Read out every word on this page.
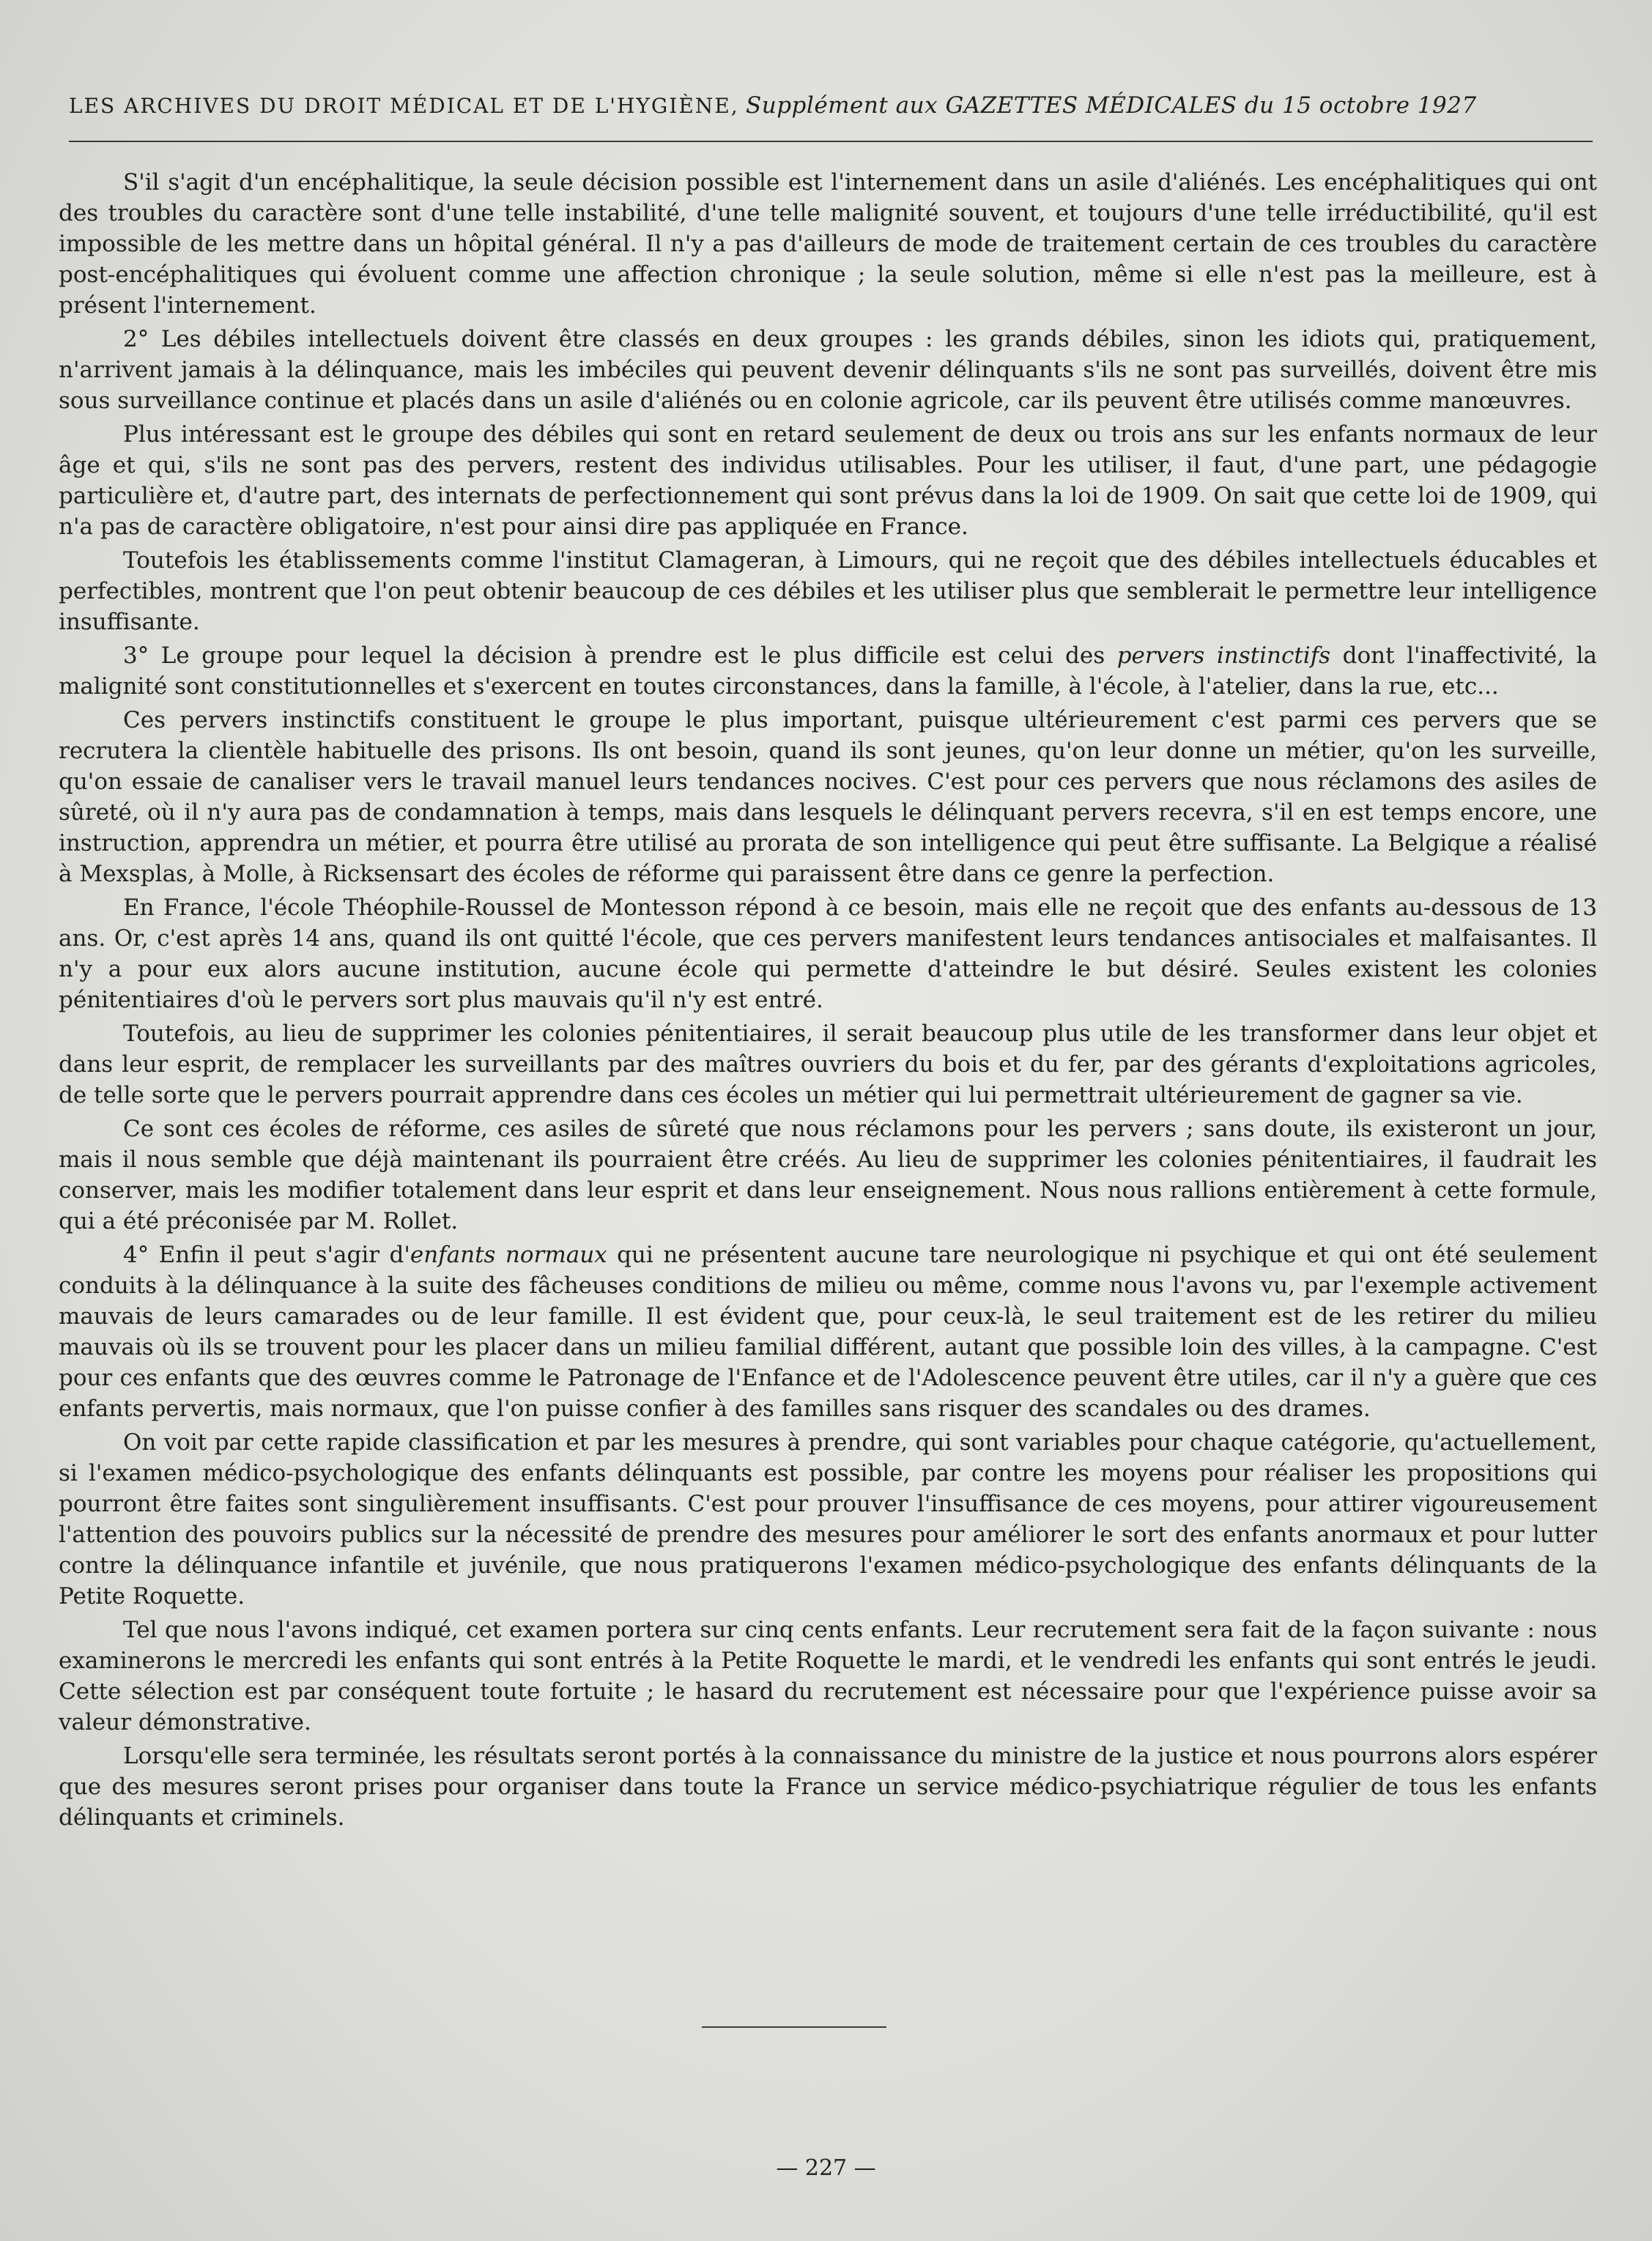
LES ARCHIVES DU DROIT MÉDICAL ET DE L'HYGIÈNE, Supplément aux GAZETTES MÉDICALES du 15 octobre 1927

S'il s'agit d'un encéphalitique, la seule décision possible est l'internement dans un asile d'aliénés. Les encéphalitiques qui ont des troubles du caractère sont d'une telle instabilité, d'une telle malignité souvent, et toujours d'une telle irréductibilité, qu'il est impossible de les mettre dans un hôpital général. Il n'y a pas d'ailleurs de mode de traitement certain de ces troubles du caractère post-encéphalitiques qui évoluent comme une affection chronique ; la seule solution, même si elle n'est pas la meilleure, est à présent l'internement.

2° Les débiles intellectuels doivent être classés en deux groupes : les grands débiles, sinon les idiots qui, pratiquement, n'arrivent jamais à la délinquance, mais les imbéciles qui peuvent devenir délinquants s'ils ne sont pas surveillés, doivent être mis sous surveillance continue et placés dans un asile d'aliénés ou en colonie agricole, car ils peuvent être utilisés comme manœuvres.

Plus intéressant est le groupe des débiles qui sont en retard seulement de deux ou trois ans sur les enfants normaux de leur âge et qui, s'ils ne sont pas des pervers, restent des individus utilisables. Pour les utiliser, il faut, d'une part, une pédagogie particulière et, d'autre part, des internats de perfectionnement qui sont prévus dans la loi de 1909. On sait que cette loi de 1909, qui n'a pas de caractère obligatoire, n'est pour ainsi dire pas appliquée en France.

Toutefois les établissements comme l'institut Clamageran, à Limours, qui ne reçoit que des débiles intellectuels éducables et perfectibles, montrent que l'on peut obtenir beaucoup de ces débiles et les utiliser plus que semblerait le permettre leur intelligence insuffisante.

3° Le groupe pour lequel la décision à prendre est le plus difficile est celui des pervers instinctifs dont l'inaffectivité, la malignité sont constitutionnelles et s'exercent en toutes circonstances, dans la famille, à l'école, à l'atelier, dans la rue, etc...

Ces pervers instinctifs constituent le groupe le plus important, puisque ultérieurement c'est parmi ces pervers que se recrutera la clientèle habituelle des prisons. Ils ont besoin, quand ils sont jeunes, qu'on leur donne un métier, qu'on les surveille, qu'on essaie de canaliser vers le travail manuel leurs tendances nocives. C'est pour ces pervers que nous réclamons des asiles de sûreté, où il n'y aura pas de condamnation à temps, mais dans lesquels le délinquant pervers recevra, s'il en est temps encore, une instruction, apprendra un métier, et pourra être utilisé au prorata de son intelligence qui peut être suffisante. La Belgique a réalisé à Mexsplas, à Molle, à Ricksensart des écoles de réforme qui paraissent être dans ce genre la perfection.

En France, l'école Théophile-Roussel de Montesson répond à ce besoin, mais elle ne reçoit que des enfants au-dessous de 13 ans. Or, c'est après 14 ans, quand ils ont quitté l'école, que ces pervers manifestent leurs tendances antisociales et malfaisantes. Il n'y a pour eux alors aucune institution, aucune école qui permette d'atteindre le but désiré. Seules existent les colonies pénitentiaires d'où le pervers sort plus mauvais qu'il n'y est entré.

Toutefois, au lieu de supprimer les colonies pénitentiaires, il serait beaucoup plus utile de les transformer dans leur objet et dans leur esprit, de remplacer les surveillants par des maîtres ouvriers du bois et du fer, par des gérants d'exploitations agricoles, de telle sorte que le pervers pourrait apprendre dans ces écoles un métier qui lui permettrait ultérieurement de gagner sa vie.

Ce sont ces écoles de réforme, ces asiles de sûreté que nous réclamons pour les pervers ; sans doute, ils existeront un jour, mais il nous semble que déjà maintenant ils pourraient être créés. Au lieu de supprimer les colonies pénitentiaires, il faudrait les conserver, mais les modifier totalement dans leur esprit et dans leur enseignement. Nous nous rallions entièrement à cette formule, qui a été préconisée par M. Rollet.

4° Enfin il peut s'agir d'enfants normaux qui ne présentent aucune tare neurologique ni psychique et qui ont été seulement conduits à la délinquance à la suite des fâcheuses conditions de milieu ou même, comme nous l'avons vu, par l'exemple activement mauvais de leurs camarades ou de leur famille. Il est évident que, pour ceux-là, le seul traitement est de les retirer du milieu mauvais où ils se trouvent pour les placer dans un milieu familial différent, autant que possible loin des villes, à la campagne. C'est pour ces enfants que des œuvres comme le Patronage de l'Enfance et de l'Adolescence peuvent être utiles, car il n'y a guère que ces enfants pervertis, mais normaux, que l'on puisse confier à des familles sans risquer des scandales ou des drames.

On voit par cette rapide classification et par les mesures à prendre, qui sont variables pour chaque catégorie, qu'actuellement, si l'examen médico-psychologique des enfants délinquants est possible, par contre les moyens pour réaliser les propositions qui pourront être faites sont singulièrement insuffisants. C'est pour prouver l'insuffisance de ces moyens, pour attirer vigoureusement l'attention des pouvoirs publics sur la nécessité de prendre des mesures pour améliorer le sort des enfants anormaux et pour lutter contre la délinquance infantile et juvénile, que nous pratiquerons l'examen médico-psychologique des enfants délinquants de la Petite Roquette.

Tel que nous l'avons indiqué, cet examen portera sur cinq cents enfants. Leur recrutement sera fait de la façon suivante : nous examinerons le mercredi les enfants qui sont entrés à la Petite Roquette le mardi, et le vendredi les enfants qui sont entrés le jeudi. Cette sélection est par conséquent toute fortuite ; le hasard du recrutement est nécessaire pour que l'expérience puisse avoir sa valeur démonstrative.

Lorsqu'elle sera terminée, les résultats seront portés à la connaissance du ministre de la justice et nous pourrons alors espérer que des mesures seront prises pour organiser dans toute la France un service médico-psychiatrique régulier de tous les enfants délinquants et criminels.

— 227 —
